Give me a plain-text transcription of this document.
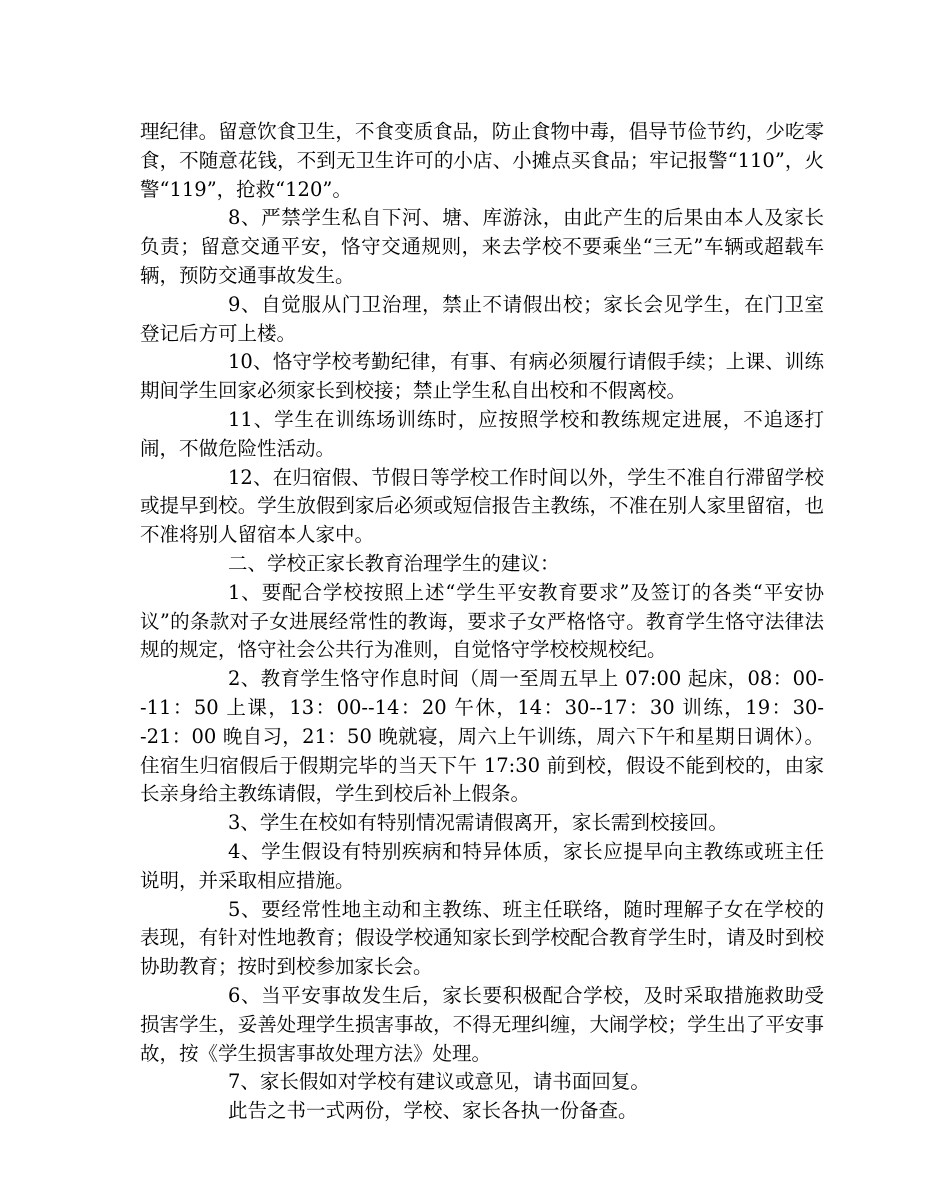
理纪律。留意饮食卫生，不食变质食品，防止食物中毒，倡导节俭节约，少吃零食，不随意花钱，不到无卫生许可的小店、小摊点买食品；牢记报警“110”，火警“119”，抢救“120”。

8、严禁学生私自下河、塘、库游泳，由此产生的后果由本人及家长负责；留意交通平安，恪守交通规则，来去学校不要乘坐“三无”车辆或超载车辆，预防交通事故发生。

9、自觉服从门卫治理，禁止不请假出校；家长会见学生，在门卫室登记后方可上楼。

10、恪守学校考勤纪律，有事、有病必须履行请假手续；上课、训练期间学生回家必须家长到校接；禁止学生私自出校和不假离校。

11、学生在训练场训练时，应按照学校和教练规定进展，不追逐打闹，不做危险性活动。

12、在归宿假、节假日等学校工作时间以外，学生不准自行滞留学校或提早到校。学生放假到家后必须或短信报告主教练，不准在别人家里留宿，也不准将别人留宿本人家中。

二、学校正家长教育治理学生的建议：

1、要配合学校按照上述“学生平安教育要求”及签订的各类“平安协议”的条款对子女进展经常性的教诲，要求子女严格恪守。教育学生恪守法律法规的规定，恪守社会公共行为准则，自觉恪守学校校规校纪。

2、教育学生恪守作息时间（周一至周五早上 07:00 起床，08：00--11：50 上课，13：00--14：20 午休，14：30--17：30 训练，19：30--21：00 晚自习，21：50 晚就寝，周六上午训练，周六下午和星期日调休）。住宿生归宿假后于假期完毕的当天下午 17:30 前到校，假设不能到校的，由家长亲身给主教练请假，学生到校后补上假条。

3、学生在校如有特别情况需请假离开，家长需到校接回。

4、学生假设有特别疾病和特异体质，家长应提早向主教练或班主任说明，并采取相应措施。

5、要经常性地主动和主教练、班主任联络，随时理解子女在学校的表现，有针对性地教育；假设学校通知家长到学校配合教育学生时，请及时到校协助教育；按时到校参加家长会。

6、当平安事故发生后，家长要积极配合学校，及时采取措施救助受损害学生，妥善处理学生损害事故，不得无理纠缠，大闹学校；学生出了平安事故，按《学生损害事故处理方法》处理。

7、家长假如对学校有建议或意见，请书面回复。

此告之书一式两份，学校、家长各执一份备查。
